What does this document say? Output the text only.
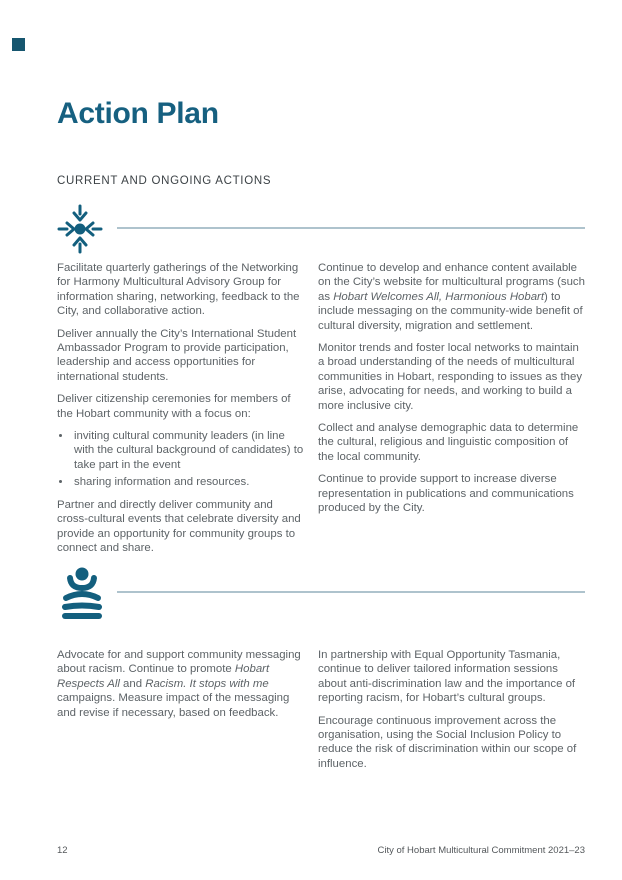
Action Plan
CURRENT AND ONGOING ACTIONS

Facilitate quarterly gatherings of the Networking for Harmony Multicultural Advisory Group for information sharing, networking, feedback to the City, and collaborative action.

Deliver annually the City’s International Student Ambassador Program to provide participation, leadership and access opportunities for international students.

Deliver citizenship ceremonies for members of the Hobart community with a focus on:

• inviting cultural community leaders (in line with the cultural background of candidates) to take part in the event
• sharing information and resources.

Partner and directly deliver community and cross-cultural events that celebrate diversity and provide an opportunity for community groups to connect and share.

Continue to develop and enhance content available on the City’s website for multicultural programs (such as Hobart Welcomes All, Harmonious Hobart) to include messaging on the community-wide benefit of cultural diversity, migration and settlement.

Monitor trends and foster local networks to maintain a broad understanding of the needs of multicultural communities in Hobart, responding to issues as they arise, advocating for needs, and working to build a more inclusive city.

Collect and analyse demographic data to determine the cultural, religious and linguistic composition of the local community.

Continue to provide support to increase diverse representation in publications and communications produced by the City.

Advocate for and support community messaging about racism. Continue to promote Hobart Respects All and Racism. It stops with me campaigns. Measure impact of the messaging and revise if necessary, based on feedback.

In partnership with Equal Opportunity Tasmania, continue to deliver tailored information sessions about anti-discrimination law and the importance of reporting racism, for Hobart’s cultural groups.

Encourage continuous improvement across the organisation, using the Social Inclusion Policy to reduce the risk of discrimination within our scope of influence.

12	City of Hobart Multicultural Commitment 2021–23
